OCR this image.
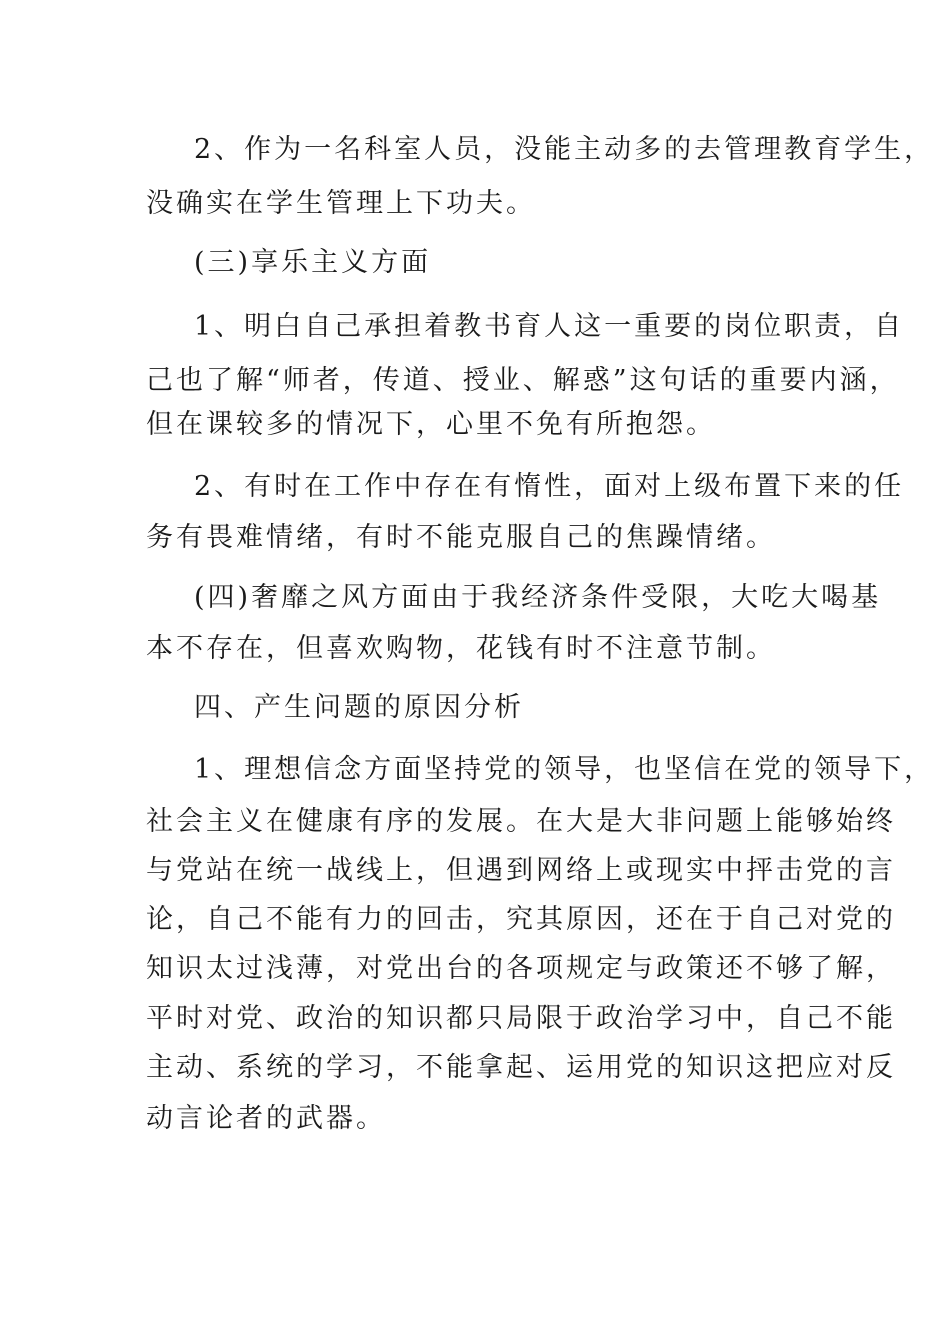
2、作为一名科室人员，没能主动多的去管理教育学生，

没确实在学生管理上下功夫。

(三)享乐主义方面

1、明白自己承担着教书育人这一重要的岗位职责，自

己也了解“师者，传道、授业、解惑”这句话的重要内涵，

但在课较多的情况下，心里不免有所抱怨。

2、有时在工作中存在有惰性，面对上级布置下来的任

务有畏难情绪，有时不能克服自己的焦躁情绪。

(四)奢靡之风方面由于我经济条件受限，大吃大喝基

本不存在，但喜欢购物，花钱有时不注意节制。

四、产生问题的原因分析

1、理想信念方面坚持党的领导，也坚信在党的领导下，

社会主义在健康有序的发展。在大是大非问题上能够始终

与党站在统一战线上，但遇到网络上或现实中抨击党的言

论，自己不能有力的回击，究其原因，还在于自己对党的

知识太过浅薄，对党出台的各项规定与政策还不够了解，

平时对党、政治的知识都只局限于政治学习中，自己不能

主动、系统的学习，不能拿起、运用党的知识这把应对反

动言论者的武器。
